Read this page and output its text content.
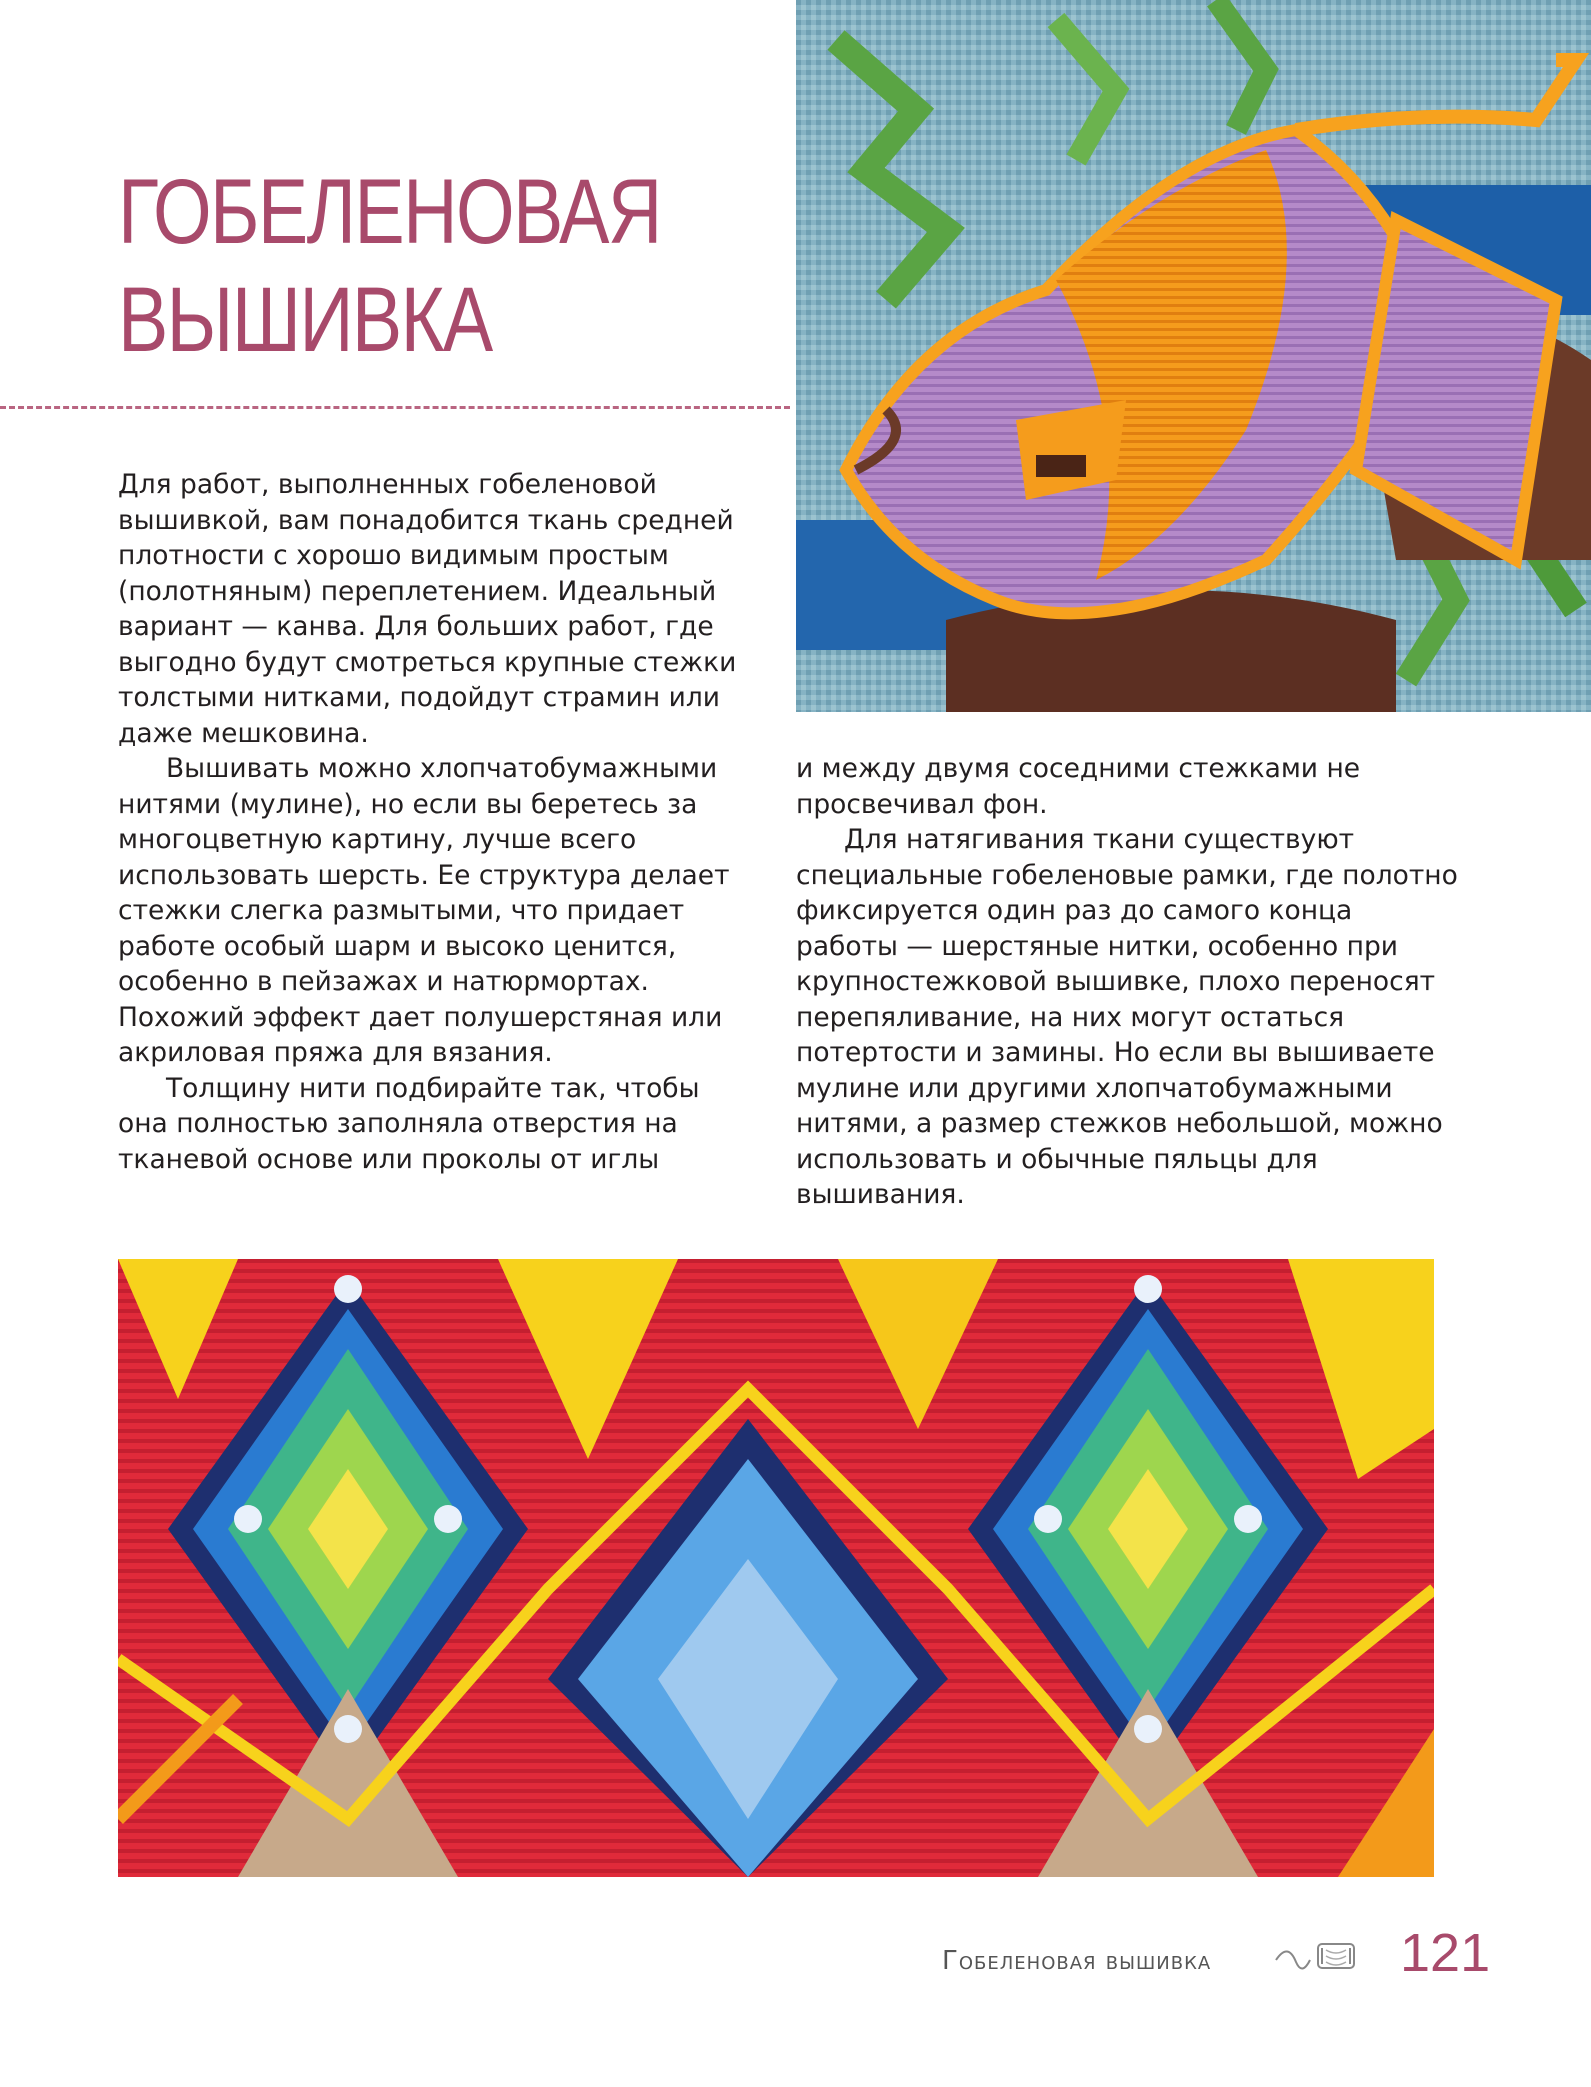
ГОБЕЛЕНОВАЯ
ВЫШИВКА

Для работ, выполненных гобеленовой вышивкой, вам понадобится ткань средней плотности с хорошо видимым простым (полотняным) переплетением. Идеальный вариант — канва. Для больших работ, где выгодно будут смотреться крупные стежки толстыми нитками, подойдут страмин или даже мешковина.

Вышивать можно хлопчатобумажными нитями (мулине), но если вы беретесь за многоцветную картину, лучше всего использовать шерсть. Ее структура делает стежки слегка размытыми, что придает работе особый шарм и высоко ценится, особенно в пейзажах и натюрмортах. Похожий эффект дает полушерстяная или акриловая пряжа для вязания.

Толщину нити подбирайте так, чтобы она полностью заполняла отверстия на тканевой основе или проколы от иглы

и между двумя соседними стежками не просвечивал фон.

Для натягивания ткани существуют специальные гобеленовые рамки, где полотно фиксируется один раз до самого конца работы — шерстяные нитки, особенно при крупностежковой вышивке, плохо переносят перепяливание, на них могут остаться потертости и замины. Но если вы вышиваете мулине или другими хлопчатобумажными нитями, а размер стежков небольшой, можно использовать и обычные пяльцы для вышивания.

Гобеленовая вышивка	121
